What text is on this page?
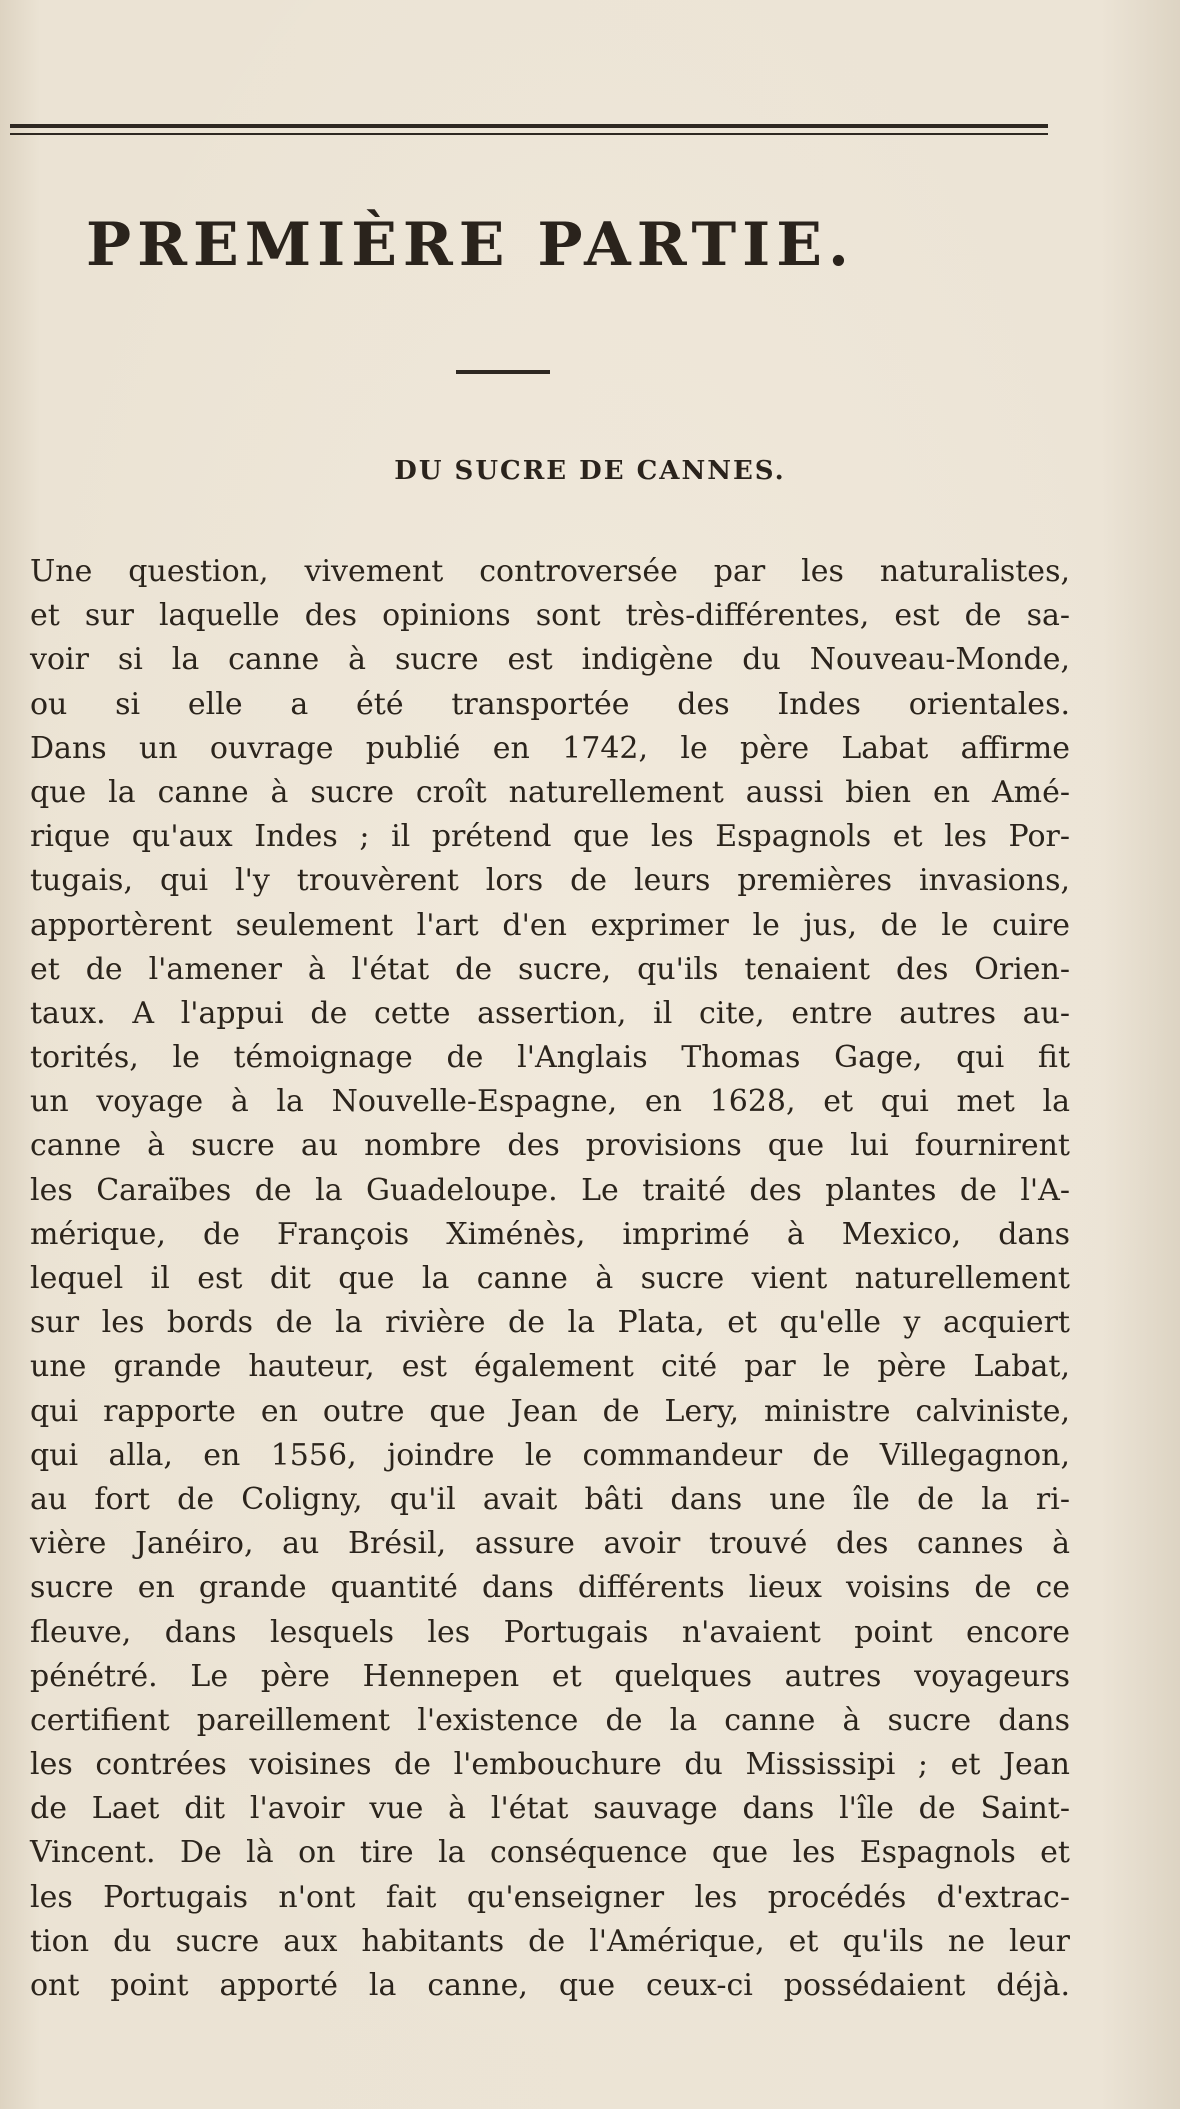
PREMIÈRE PARTIE.
DU SUCRE DE CANNES.
Une question, vivement controversée par les naturalistes,
et sur laquelle des opinions sont très-différentes, est de sa-
voir si la canne à sucre est indigène du Nouveau-Monde,
ou si elle a été transportée des Indes orientales.
Dans un ouvrage publié en 1742, le père Labat affirme
que la canne à sucre croît naturellement aussi bien en Amé-
rique qu'aux Indes ; il prétend que les Espagnols et les Por-
tugais, qui l'y trouvèrent lors de leurs premières invasions,
apportèrent seulement l'art d'en exprimer le jus, de le cuire
et de l'amener à l'état de sucre, qu'ils tenaient des Orien-
taux. A l'appui de cette assertion, il cite, entre autres au-
torités, le témoignage de l'Anglais Thomas Gage, qui fit
un voyage à la Nouvelle-Espagne, en 1628, et qui met la
canne à sucre au nombre des provisions que lui fournirent
les Caraïbes de la Guadeloupe. Le traité des plantes de l'A-
mérique, de François Ximénès, imprimé à Mexico, dans
lequel il est dit que la canne à sucre vient naturellement
sur les bords de la rivière de la Plata, et qu'elle y acquiert
une grande hauteur, est également cité par le père Labat,
qui rapporte en outre que Jean de Lery, ministre calviniste,
qui alla, en 1556, joindre le commandeur de Villegagnon,
au fort de Coligny, qu'il avait bâti dans une île de la ri-
vière Janéiro, au Brésil, assure avoir trouvé des cannes à
sucre en grande quantité dans différents lieux voisins de ce
fleuve, dans lesquels les Portugais n'avaient point encore
pénétré. Le père Hennepen et quelques autres voyageurs
certifient pareillement l'existence de la canne à sucre dans
les contrées voisines de l'embouchure du Mississipi ; et Jean
de Laet dit l'avoir vue à l'état sauvage dans l'île de Saint-
Vincent. De là on tire la conséquence que les Espagnols et
les Portugais n'ont fait qu'enseigner les procédés d'extrac-
tion du sucre aux habitants de l'Amérique, et qu'ils ne leur
ont point apporté la canne, que ceux-ci possédaient déjà.
